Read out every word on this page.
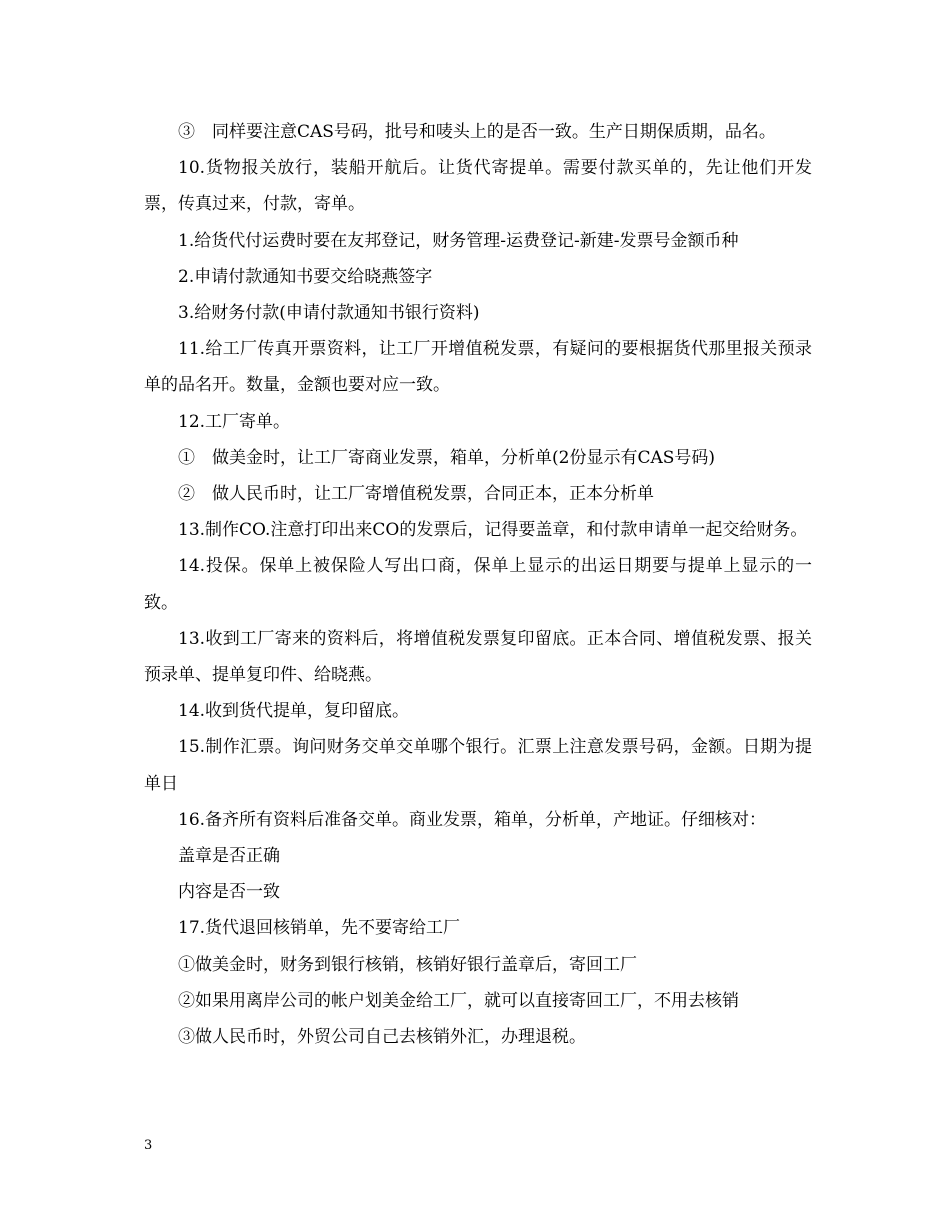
③　同样要注意CAS号码，批号和唛头上的是否一致。生产日期保质期，品名。

10.货物报关放行，装船开航后。让货代寄提单。需要付款买单的，先让他们开发票，传真过来，付款，寄单。

1.给货代付运费时要在友邦登记，财务管理-运费登记-新建-发票号金额币种

2.申请付款通知书要交给晓燕签字

3.给财务付款(申请付款通知书银行资料)

11.给工厂传真开票资料，让工厂开增值税发票，有疑问的要根据货代那里报关预录单的品名开。数量，金额也要对应一致。

12.工厂寄单。

①　做美金时，让工厂寄商业发票，箱单，分析单(2份显示有CAS号码)

②　做人民币时，让工厂寄增值税发票，合同正本，正本分析单

13.制作CO.注意打印出来CO的发票后，记得要盖章，和付款申请单一起交给财务。

14.投保。保单上被保险人写出口商，保单上显示的出运日期要与提单上显示的一致。

13.收到工厂寄来的资料后，将增值税发票复印留底。正本合同、增值税发票、报关预录单、提单复印件、给晓燕。

14.收到货代提单，复印留底。

15.制作汇票。询问财务交单交单哪个银行。汇票上注意发票号码，金额。日期为提单日

16.备齐所有资料后准备交单。商业发票，箱单，分析单，产地证。仔细核对：

盖章是否正确

内容是否一致

17.货代退回核销单，先不要寄给工厂

①做美金时，财务到银行核销，核销好银行盖章后，寄回工厂

②如果用离岸公司的帐户划美金给工厂，就可以直接寄回工厂，不用去核销

③做人民币时，外贸公司自己去核销外汇，办理退税。

3
